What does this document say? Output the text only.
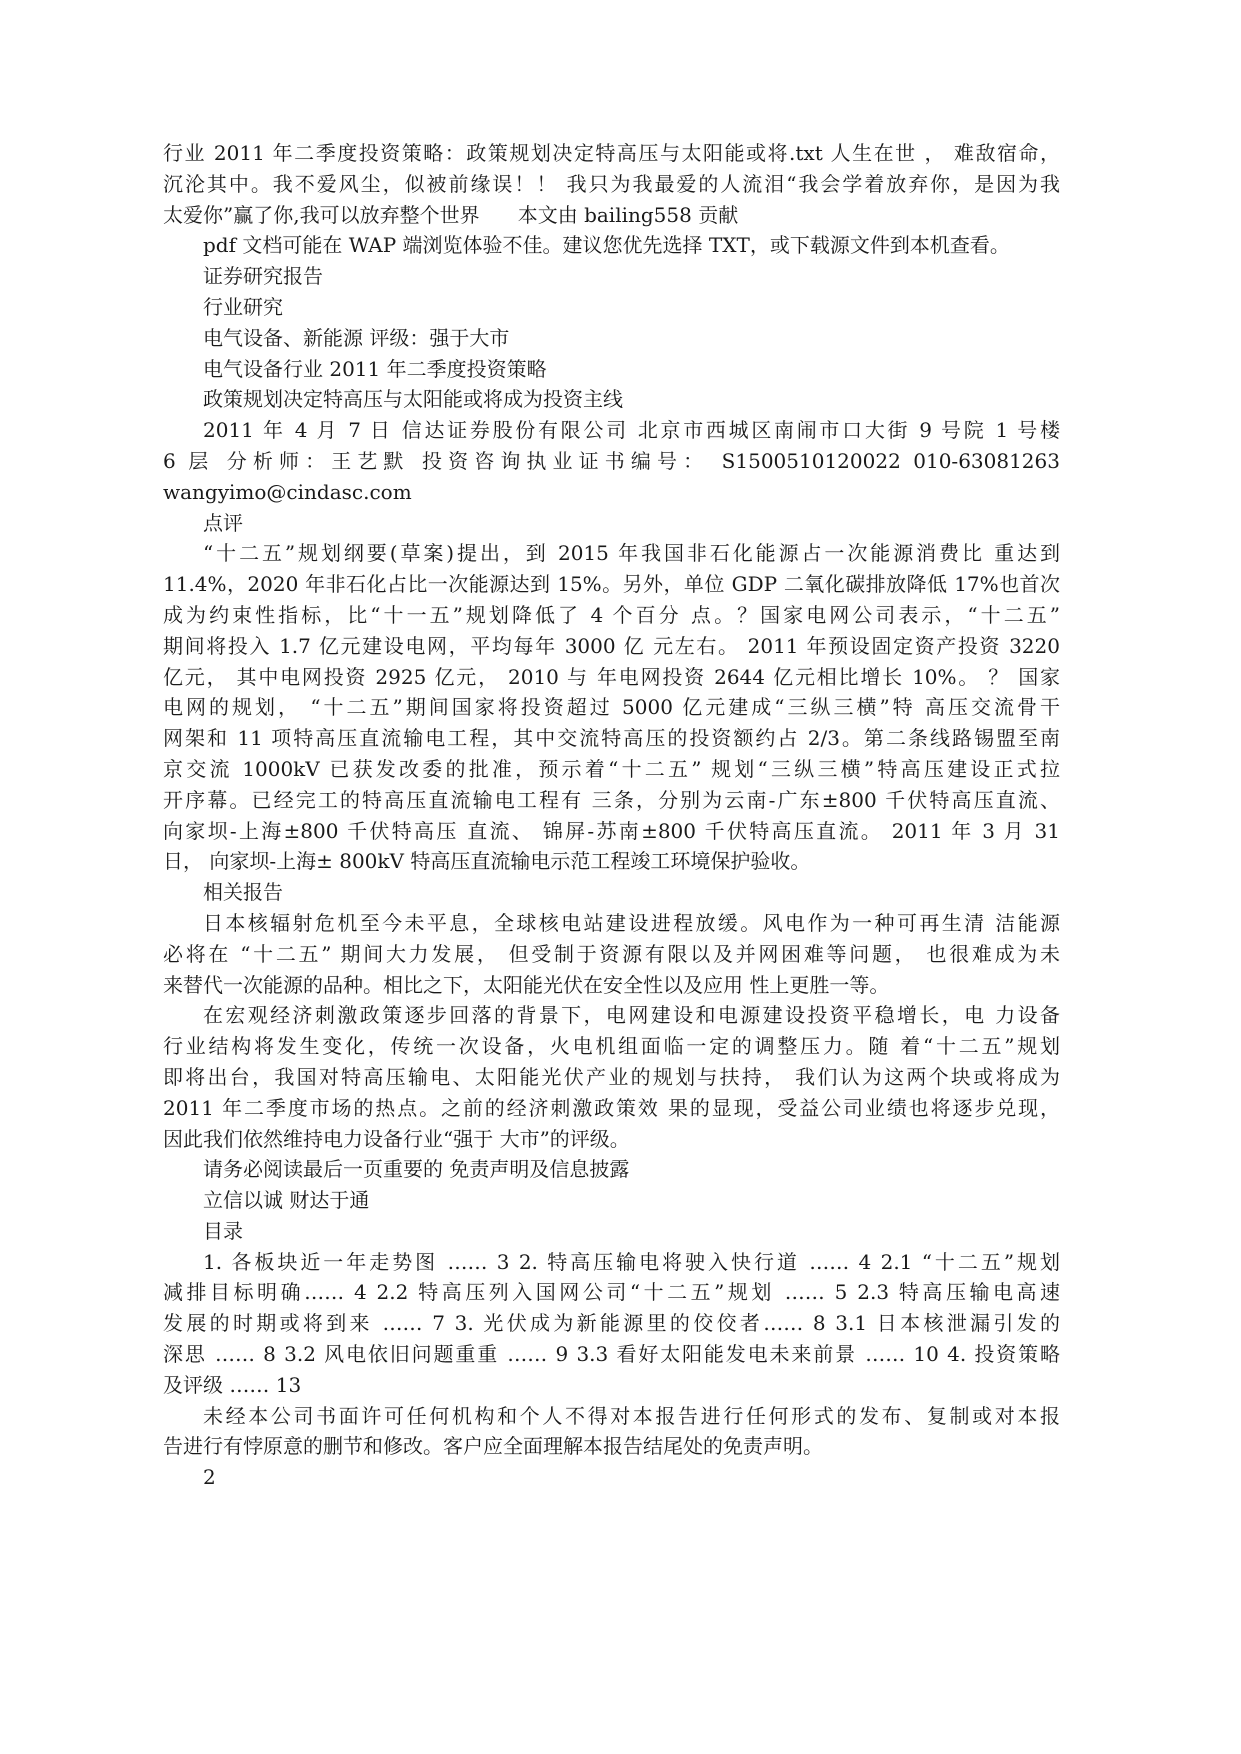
行业 2011 年二季度投资策略：政策规划决定特高压与太阳能或将.txt 人生在世 ， 难敌宿命，
沉沦其中。我不爱风尘，似被前缘误！！ 我只为我最爱的人流泪“我会学着放弃你，是因为我
太爱你”赢了你,我可以放弃整个世界      本文由 bailing558 贡献
pdf 文档可能在 WAP 端浏览体验不佳。建议您优先选择 TXT，或下载源文件到本机查看。
证券研究报告
行业研究
电气设备、新能源 评级：强于大市
电气设备行业 2011 年二季度投资策略
政策规划决定特高压与太阳能或将成为投资主线
2011 年 4 月 7 日 信达证券股份有限公司 北京市西城区南闹市口大街 9 号院 1 号楼
6 层 分析师：王艺默 投资咨询执业证书编号： S1500510120022 010-63081263
wangyimo@cindasc.com
点评
“十二五”规划纲要(草案)提出，到 2015 年我国非石化能源占一次能源消费比 重达到
11.4%，2020 年非石化占比一次能源达到 15%。另外，单位 GDP 二氧化碳排放降低 17%也首次
成为约束性指标，比“十一五”规划降低了 4 个百分 点。？国家电网公司表示，“十二五”
期间将投入 1.7 亿元建设电网，平均每年 3000 亿 元左右。 2011 年预设固定资产投资 3220
亿元， 其中电网投资 2925 亿元， 2010 与 年电网投资 2644 亿元相比增长 10%。 ？ 国家
电网的规划， “十二五”期间国家将投资超过 5000 亿元建成“三纵三横”特 高压交流骨干
网架和 11 项特高压直流输电工程，其中交流特高压的投资额约占 2/3。第二条线路锡盟至南
京交流 1000kV 已获发改委的批准，预示着“十二五” 规划“三纵三横”特高压建设正式拉
开序幕。已经完工的特高压直流输电工程有 三条，分别为云南-广东±800 千伏特高压直流、
向家坝-上海±800 千伏特高压 直流、 锦屏-苏南±800 千伏特高压直流。 2011 年 3 月 31
日， 向家坝-上海± 800kV 特高压直流输电示范工程竣工环境保护验收。
相关报告
日本核辐射危机至今未平息，全球核电站建设进程放缓。风电作为一种可再生清 洁能源
必将在 “十二五” 期间大力发展， 但受制于资源有限以及并网困难等问题， 也很难成为未
来替代一次能源的品种。相比之下，太阳能光伏在安全性以及应用 性上更胜一等。
在宏观经济刺激政策逐步回落的背景下，电网建设和电源建设投资平稳增长，电 力设备
行业结构将发生变化，传统一次设备，火电机组面临一定的调整压力。随 着“十二五”规划
即将出台，我国对特高压输电、太阳能光伏产业的规划与扶持， 我们认为这两个块或将成为
2011 年二季度市场的热点。之前的经济刺激政策效 果的显现，受益公司业绩也将逐步兑现，
因此我们依然维持电力设备行业“强于 大市”的评级。
请务必阅读最后一页重要的 免责声明及信息披露
立信以诚 财达于通
目录
1. 各板块近一年走势图 …… 3 2. 特高压输电将驶入快行道 …… 4 2.1 “十二五”规划
减排目标明确…… 4 2.2 特高压列入国网公司“十二五”规划 …… 5 2.3 特高压输电高速
发展的时期或将到来 …… 7 3. 光伏成为新能源里的佼佼者…… 8 3.1 日本核泄漏引发的
深思 …… 8 3.2 风电依旧问题重重 …… 9 3.3 看好太阳能发电未来前景 …… 10 4. 投资策略
及评级 …… 13
未经本公司书面许可任何机构和个人不得对本报告进行任何形式的发布、复制或对本报
告进行有悖原意的删节和修改。客户应全面理解本报告结尾处的免责声明。
2
